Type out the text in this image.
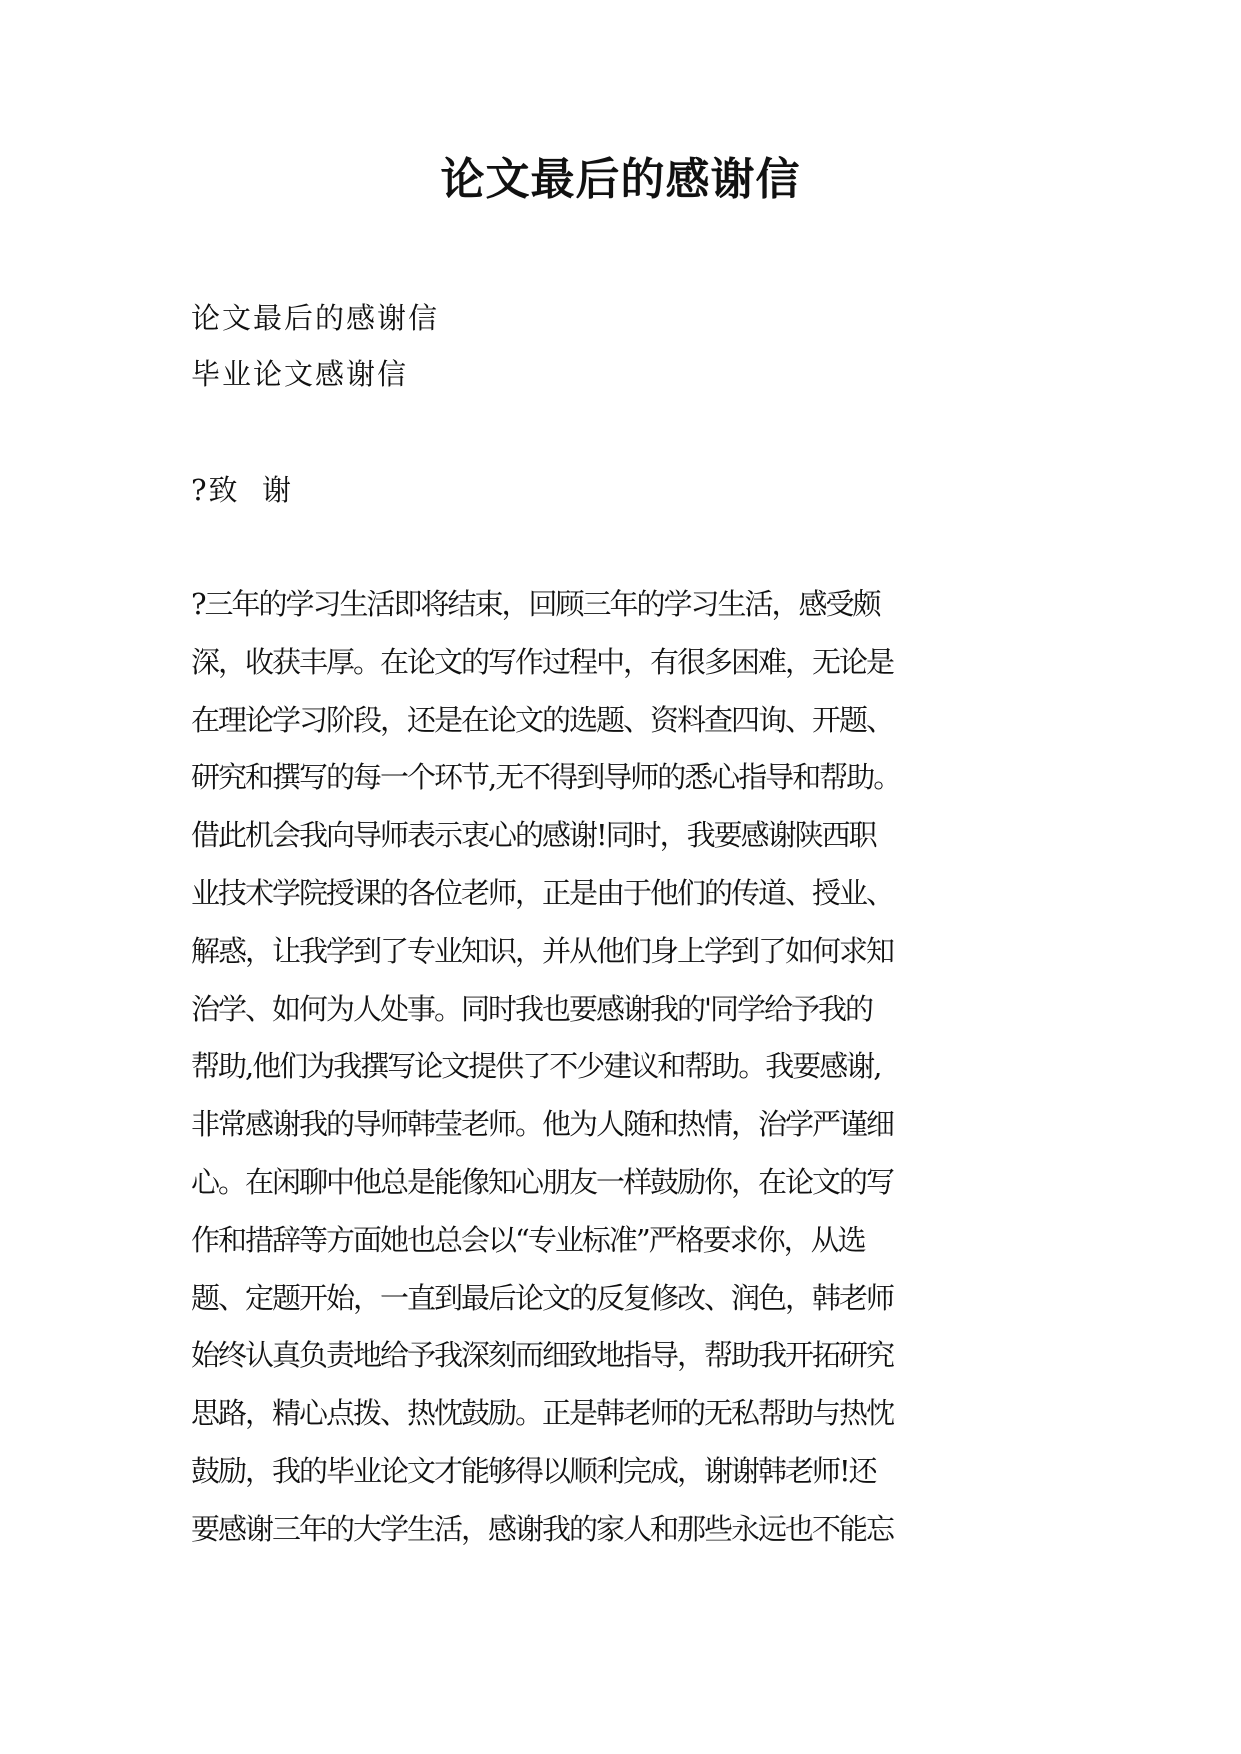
论文最后的感谢信
论文最后的感谢信
毕业论文感谢信
?致  谢
?三年的学习生活即将结束，回顾三年的学习生活，感受颇
深，收获丰厚。在论文的写作过程中，有很多困难，无论是
在理论学习阶段，还是在论文的选题、资料查四询、开题、
研究和撰写的每一个环节,无不得到导师的悉心指导和帮助。
借此机会我向导师表示衷心的感谢!同时，我要感谢陕西职
业技术学院授课的各位老师，正是由于他们的传道、授业、
解惑，让我学到了专业知识，并从他们身上学到了如何求知
治学、如何为人处事。同时我也要感谢我的'同学给予我的
帮助,他们为我撰写论文提供了不少建议和帮助。我要感谢,
非常感谢我的导师韩莹老师。他为人随和热情，治学严谨细
心。在闲聊中他总是能像知心朋友一样鼓励你，在论文的写
作和措辞等方面她也总会以“专业标准”严格要求你，从选
题、定题开始，一直到最后论文的反复修改、润色，韩老师
始终认真负责地给予我深刻而细致地指导，帮助我开拓研究
思路，精心点拨、热忱鼓励。正是韩老师的无私帮助与热忱
鼓励，我的毕业论文才能够得以顺利完成，谢谢韩老师!还
要感谢三年的大学生活，感谢我的家人和那些永远也不能忘
